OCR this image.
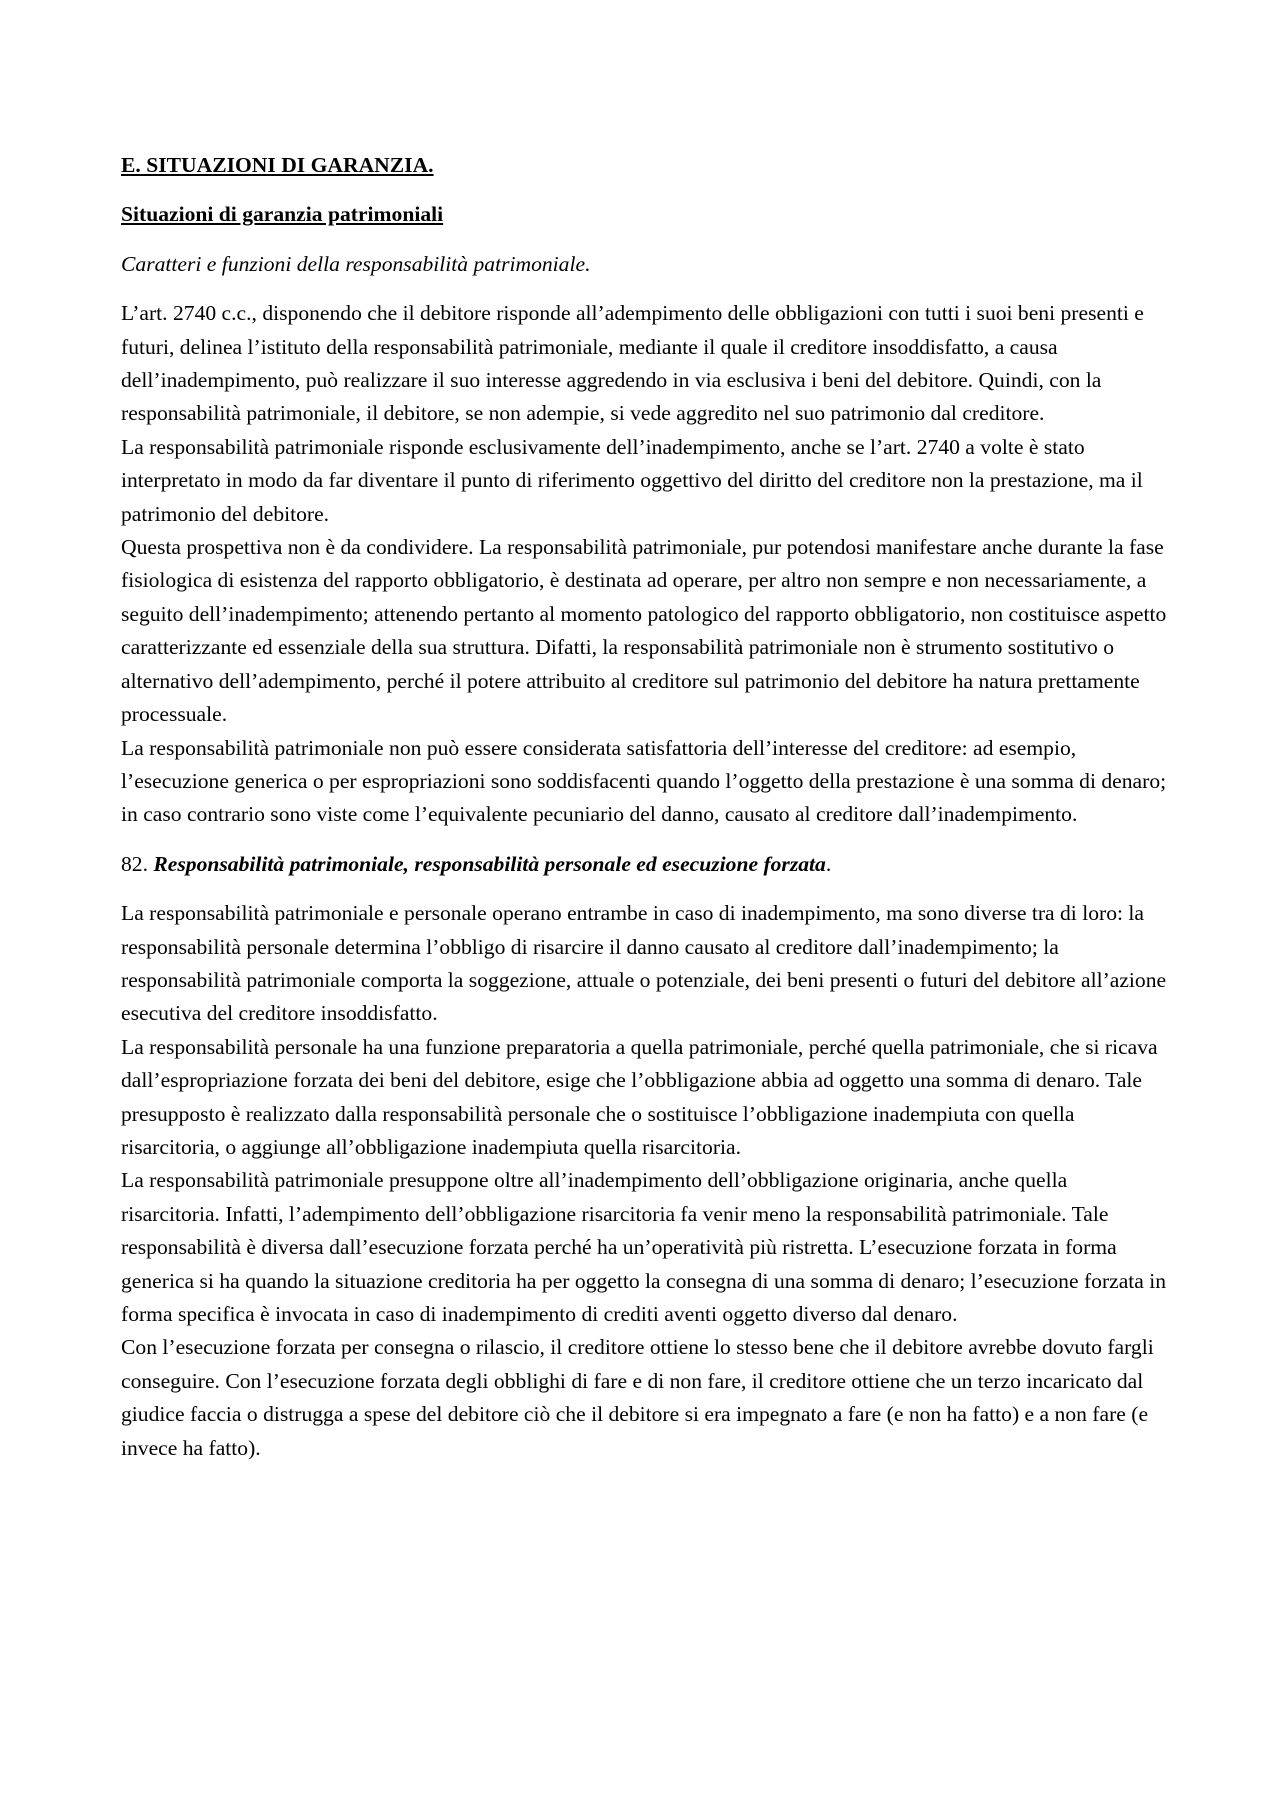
E. SITUAZIONI DI GARANZIA.
Situazioni di garanzia patrimoniali
Caratteri e funzioni della responsabilità patrimoniale.

L’art. 2740 c.c., disponendo che il debitore risponde all’adempimento delle obbligazioni con tutti i suoi beni presenti e futuri, delinea l’istituto della responsabilità patrimoniale, mediante il quale il creditore insoddisfatto, a causa dell’inadempimento, può realizzare il suo interesse aggredendo in via esclusiva i beni del debitore. Quindi, con la responsabilità patrimoniale, il debitore, se non adempie, si vede aggredito nel suo patrimonio dal creditore.

La responsabilità patrimoniale risponde esclusivamente dell’inadempimento, anche se l’art. 2740 a volte è stato interpretato in modo da far diventare il punto di riferimento oggettivo del diritto del creditore non la prestazione, ma il patrimonio del debitore.

Questa prospettiva non è da condividere. La responsabilità patrimoniale, pur potendosi manifestare anche durante la fase fisiologica di esistenza del rapporto obbligatorio, è destinata ad operare, per altro non sempre e non necessariamente, a seguito dell’inadempimento; attenendo pertanto al momento patologico del rapporto obbligatorio, non costituisce aspetto caratterizzante ed essenziale della sua struttura. Difatti, la responsabilità patrimoniale non è strumento sostitutivo o alternativo dell’adempimento, perché il potere attribuito al creditore sul patrimonio del debitore ha natura prettamente processuale.

La responsabilità patrimoniale non può essere considerata satisfattoria dell’interesse del creditore: ad esempio, l’esecuzione generica o per espropriazioni sono soddisfacenti quando l’oggetto della prestazione è una somma di denaro; in caso contrario sono viste come l’equivalente pecuniario del danno, causato al creditore dall’inadempimento.

82. Responsabilità patrimoniale, responsabilità personale ed esecuzione forzata.

La responsabilità patrimoniale e personale operano entrambe in caso di inadempimento, ma sono diverse tra di loro: la responsabilità personale determina l’obbligo di risarcire il danno causato al creditore dall’inadempimento; la responsabilità patrimoniale comporta la soggezione, attuale o potenziale, dei beni presenti o futuri del debitore all’azione esecutiva del creditore insoddisfatto.

La responsabilità personale ha una funzione preparatoria a quella patrimoniale, perché quella patrimoniale, che si ricava dall’espropriazione forzata dei beni del debitore, esige che l’obbligazione abbia ad oggetto una somma di denaro. Tale presupposto è realizzato dalla responsabilità personale che o sostituisce l’obbligazione inadempiuta con quella risarcitoria, o aggiunge all’obbligazione inadempiuta quella risarcitoria.

La responsabilità patrimoniale presuppone oltre all’inadempimento dell’obbligazione originaria, anche quella risarcitoria. Infatti, l’adempimento dell’obbligazione risarcitoria fa venir meno la responsabilità patrimoniale. Tale responsabilità è diversa dall’esecuzione forzata perché ha un’operatività più ristretta. L’esecuzione forzata in forma generica si ha quando la situazione creditoria ha per oggetto la consegna di una somma di denaro; l’esecuzione forzata in forma specifica è invocata in caso di inadempimento di crediti aventi oggetto diverso dal denaro.

Con l’esecuzione forzata per consegna o rilascio, il creditore ottiene lo stesso bene che il debitore avrebbe dovuto fargli conseguire. Con l’esecuzione forzata degli obblighi di fare e di non fare, il creditore ottiene che un terzo incaricato dal giudice faccia o distrugga a spese del debitore ciò che il debitore si era impegnato a fare (e non ha fatto) e a non fare (e invece ha fatto).
